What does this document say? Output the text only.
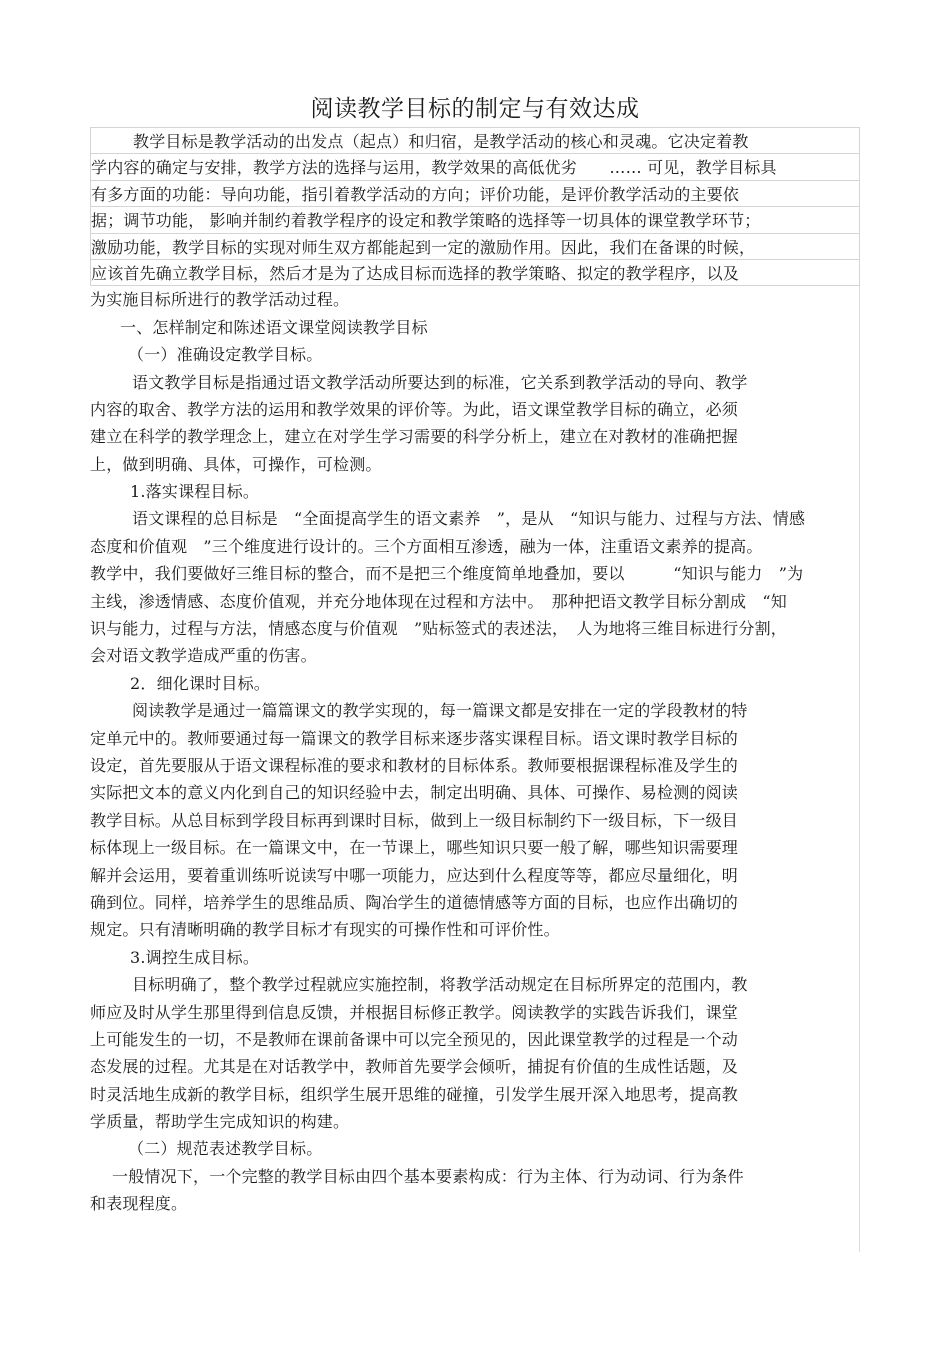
阅读教学目标的制定与有效达成
教学目标是教学活动的出发点（起点）和归宿，是教学活动的核心和灵魂。它决定着教
学内容的确定与安排，教学方法的选择与运用，教学效果的高低优劣　　…… 可见，教学目标具
有多方面的功能：导向功能，指引着教学活动的方向；评价功能，是评价教学活动的主要依
据；调节功能， 影响并制约着教学程序的设定和教学策略的选择等一切具体的课堂教学环节；
激励功能，教学目标的实现对师生双方都能起到一定的激励作用。因此，我们在备课的时候，
应该首先确立教学目标，然后才是为了达成目标而选择的教学策略、拟定的教学程序，以及
为实施目标所进行的教学活动过程。
一、怎样制定和陈述语文课堂阅读教学目标
（一）准确设定教学目标。
语文教学目标是指通过语文教学活动所要达到的标准，它关系到教学活动的导向、教学
内容的取舍、教学方法的运用和教学效果的评价等。为此，语文课堂教学目标的确立，必须
建立在科学的教学理念上，建立在对学生学习需要的科学分析上，建立在对教材的准确把握
上，做到明确、具体，可操作，可检测。
1.落实课程目标。
语文课程的总目标是　“全面提高学生的语文素养　”，是从　“知识与能力、过程与方法、情感
态度和价值观　”三个维度进行设计的。三个方面相互渗透，融为一体，注重语文素养的提高。
教学中，我们要做好三维目标的整合，而不是把三个维度简单地叠加，要以　　　“知识与能力　”为
主线，渗透情感、态度价值观，并充分地体现在过程和方法中。　那种把语文教学目标分割成　“知
识与能力，过程与方法，情感态度与价值观　”贴标签式的表述法，　人为地将三维目标进行分割，
会对语文教学造成严重的伤害。
2．细化课时目标。
阅读教学是通过一篇篇课文的教学实现的，每一篇课文都是安排在一定的学段教材的特
定单元中的。教师要通过每一篇课文的教学目标来逐步落实课程目标。语文课时教学目标的
设定，首先要服从于语文课程标准的要求和教材的目标体系。教师要根据课程标准及学生的
实际把文本的意义内化到自己的知识经验中去，制定出明确、具体、可操作、易检测的阅读
教学目标。从总目标到学段目标再到课时目标，做到上一级目标制约下一级目标，下一级目
标体现上一级目标。在一篇课文中，在一节课上，哪些知识只要一般了解，哪些知识需要理
解并会运用，要着重训练听说读写中哪一项能力，应达到什么程度等等，都应尽量细化，明
确到位。同样，培养学生的思维品质、陶冶学生的道德情感等方面的目标，也应作出确切的
规定。只有清晰明确的教学目标才有现实的可操作性和可评价性。
3.调控生成目标。
目标明确了，整个教学过程就应实施控制，将教学活动规定在目标所界定的范围内，教
师应及时从学生那里得到信息反馈，并根据目标修正教学。阅读教学的实践告诉我们，课堂
上可能发生的一切，不是教师在课前备课中可以完全预见的，因此课堂教学的过程是一个动
态发展的过程。尤其是在对话教学中，教师首先要学会倾听，捕捉有价值的生成性话题，及
时灵活地生成新的教学目标，组织学生展开思维的碰撞，引发学生展开深入地思考，提高教
学质量，帮助学生完成知识的构建。
（二）规范表述教学目标。
一般情况下，一个完整的教学目标由四个基本要素构成：行为主体、行为动词、行为条件
和表现程度。
